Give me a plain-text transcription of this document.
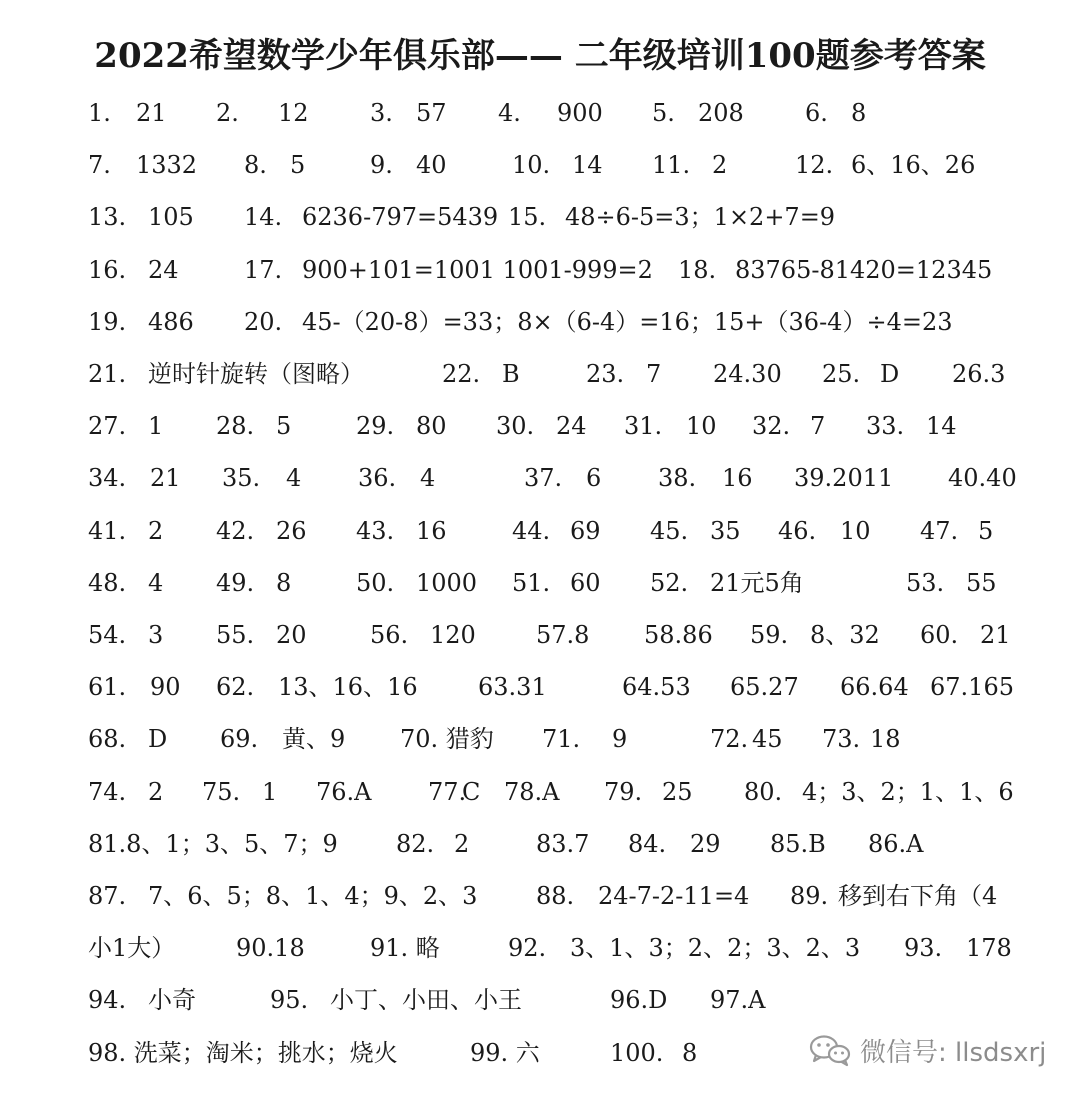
2022希望数学少年俱乐部—— 二年级培训100题参考答案
1. 21 2. 12	3. 57 4. 900 5. 208	6. 8
7. 1332 8. 5	9. 40	10. 14 11. 2	12. 6、16、26
13. 105 14. 6236-797=5439 15. 48÷6-5=3；1×2+7=9
16. 24	17. 900+101=1001 1001-999=2 18. 83765-81420=12345
19. 486 20. 45-（20-8）=33；8×（6-4）=16；15+（36-4）÷4=23
21. 逆时针旋转（图略）	22. B	23. 7 24.30 25. D 26.3
27. 1 28. 5	29. 80 30. 24 31. 10 32. 7 33. 14
34. 21 35. 4 36. 4	37. 6 38. 16 39.2011 40.40
41. 2 42. 26 43. 16	44. 69 45. 35 46. 10 47. 5
48. 4 49. 8	50. 1000 51. 60 52. 21元5角	53. 55
54. 3 55. 20	56. 120	57.8 58.86 59. 8、32 60. 21
61. 90 62. 13、16、16	63.31	64.53 65.27 66.64 67.165
68. D 69. 黄、9 70. 猎豹 71. 9	72. 45 73. 18
74. 2 75. 1 76.A 77.
C 78.A 79. 25 80. 4；3、2；1、1、6
81.8、1；3、5、7；9 82. 2	83.7 84. 29 85.B 86.A
87. 7、6、5；8、1、4；9、2、3 88. 24-7-2-11=4 89. 移到右下角（4
小1大）	90.18	91. 略	92. 3、1、3；2、2；3、2、3 93. 178
94. 小奇	95. 小丁、小田、小王	96.D 97.A
98. 洗菜；淘米；挑水；烧火	99. 六	100. 8	微信号: llsdsxrj
